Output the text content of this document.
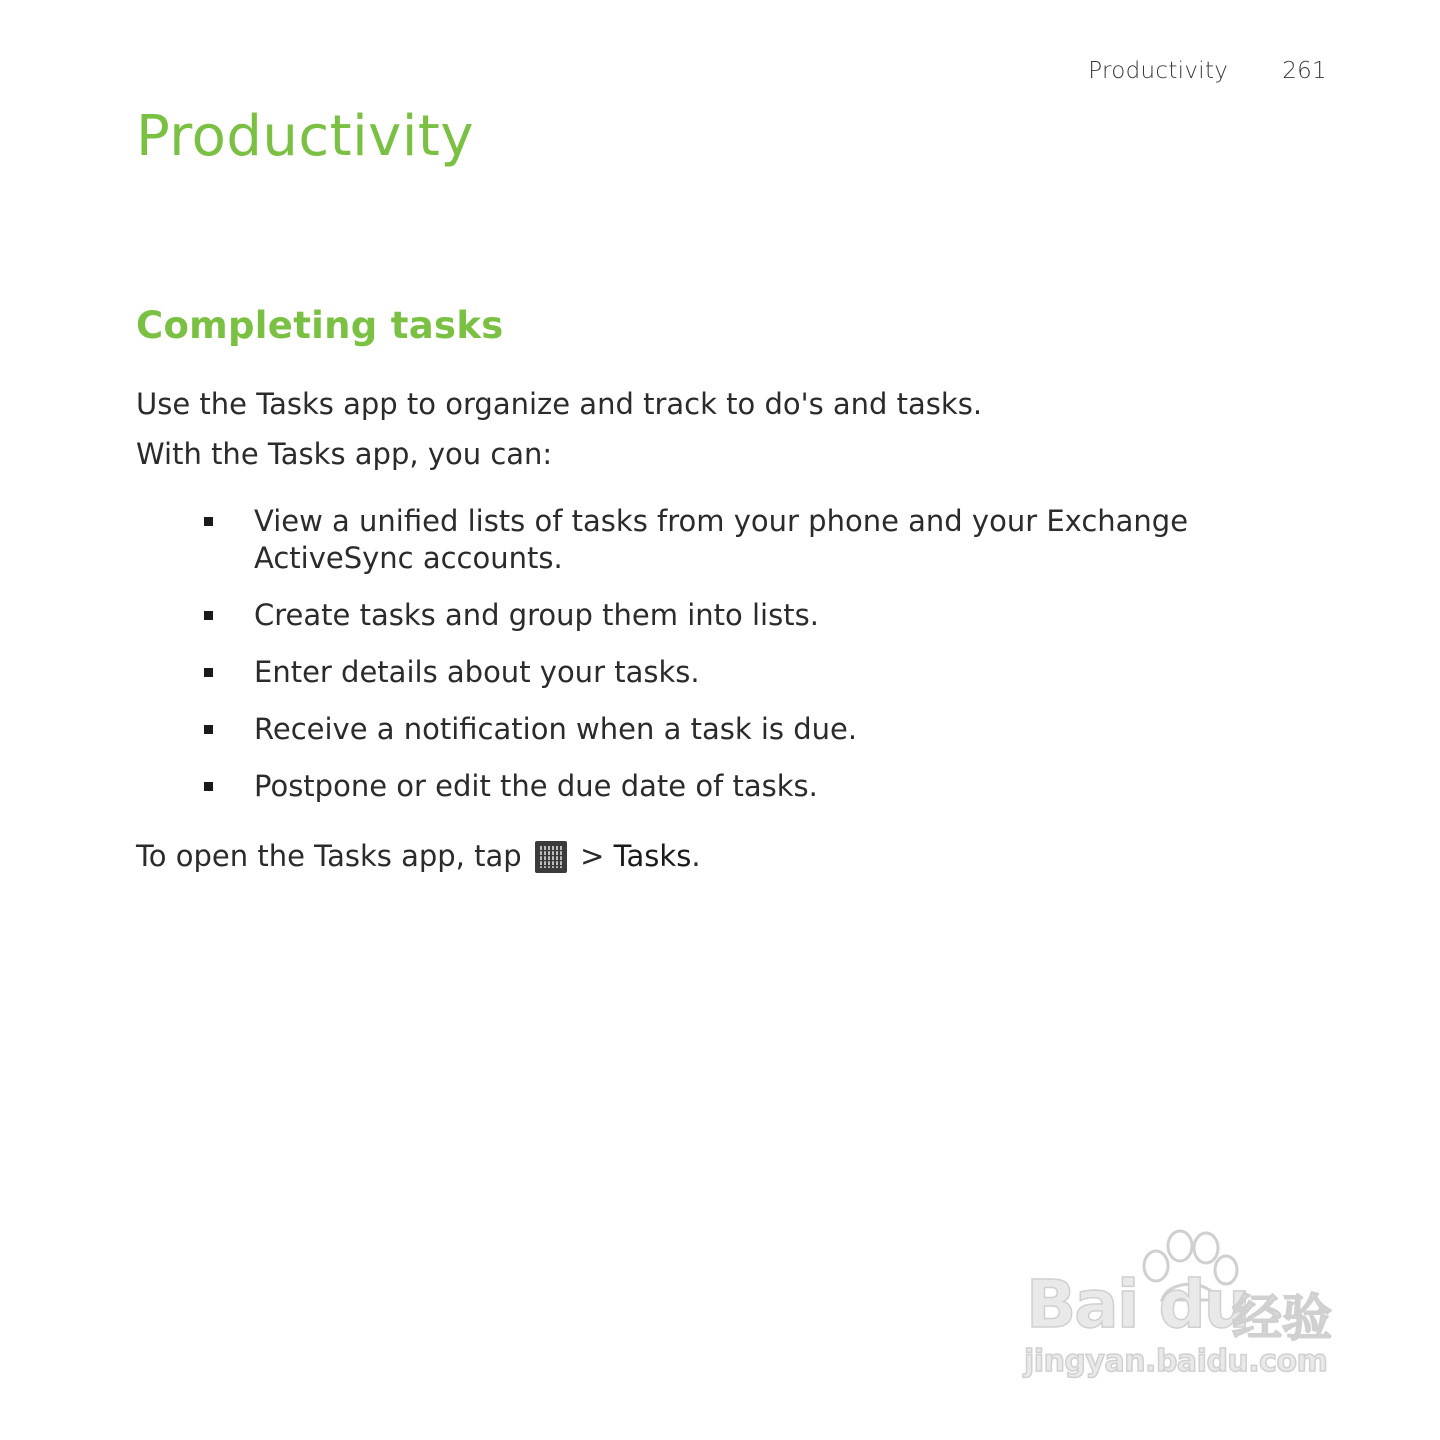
Productivity 261
Productivity
Completing tasks

Use the Tasks app to organize and track to do's and tasks.

With the Tasks app, you can:

View a unified lists of tasks from your phone and your Exchange ActiveSync accounts.
Create tasks and group them into lists.
Enter details about your tasks.
Receive a notification when a task is due.
Postpone or edit the due date of tasks.

To open the Tasks app, tap > Tasks.

Bai du
经验
jingyan.baidu.com
